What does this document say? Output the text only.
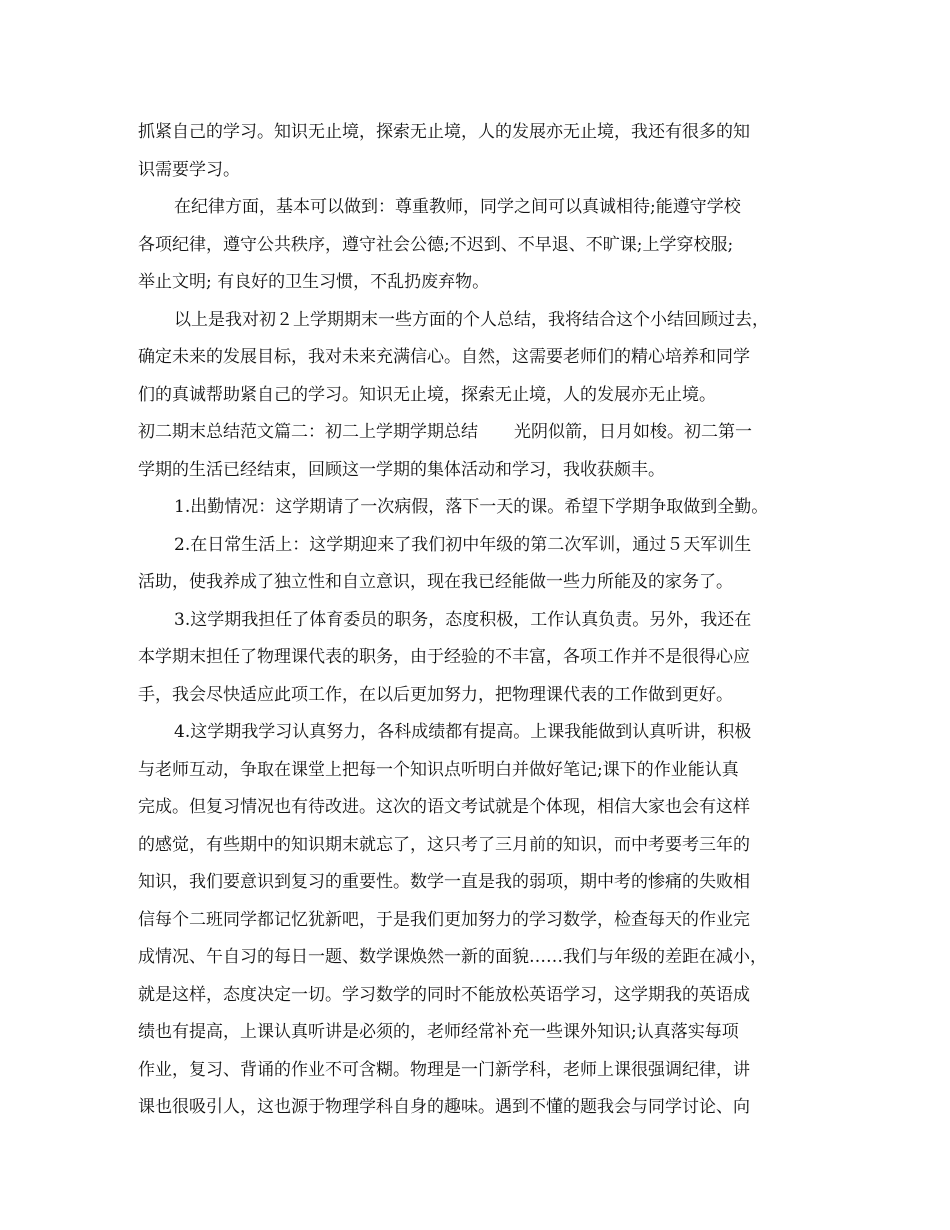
抓紧自己的学习。知识无止境，探索无止境，人的发展亦无止境，我还有很多的知
识需要学习。
在纪律方面，基本可以做到：尊重教师，同学之间可以真诚相待;能遵守学校
各项纪律，遵守公共秩序，遵守社会公德;不迟到、不早退、不旷课;上学穿校服;
举止文明; 有良好的卫生习惯，不乱扔废弃物。
以上是我对初２上学期期末一些方面的个人总结，我将结合这个小结回顾过去，
确定未来的发展目标，我对未来充满信心。自然，这需要老师们的精心培养和同学
们的真诚帮助紧自己的学习。知识无止境，探索无止境，人的发展亦无止境。
初二期末总结范文篇二：初二上学期学期总结 光阴似箭，日月如梭。初二第一
学期的生活已经结束，回顾这一学期的集体活动和学习，我收获颇丰。
1.出勤情况：这学期请了一次病假，落下一天的课。希望下学期争取做到全勤。
2.在日常生活上：这学期迎来了我们初中年级的第二次军训，通过５天军训生
活助，使我养成了独立性和自立意识，现在我已经能做一些力所能及的家务了。
3.这学期我担任了体育委员的职务，态度积极，工作认真负责。另外，我还在
本学期末担任了物理课代表的职务，由于经验的不丰富，各项工作并不是很得心应
手，我会尽快适应此项工作，在以后更加努力，把物理课代表的工作做到更好。
4.这学期我学习认真努力，各科成绩都有提高。上课我能做到认真听讲，积极
与老师互动，争取在课堂上把每一个知识点听明白并做好笔记;课下的作业能认真
完成。但复习情况也有待改进。这次的语文考试就是个体现，相信大家也会有这样
的感觉，有些期中的知识期末就忘了，这只考了三月前的知识，而中考要考三年的
知识，我们要意识到复习的重要性。数学一直是我的弱项，期中考的惨痛的失败相
信每个二班同学都记忆犹新吧，于是我们更加努力的学习数学，检查每天的作业完
成情况、午自习的每日一题、数学课焕然一新的面貌……我们与年级的差距在减小，
就是这样，态度决定一切。学习数学的同时不能放松英语学习，这学期我的英语成
绩也有提高，上课认真听讲是必须的，老师经常补充一些课外知识;认真落实每项
作业，复习、背诵的作业不可含糊。物理是一门新学科，老师上课很强调纪律，讲
课也很吸引人，这也源于物理学科自身的趣味。遇到不懂的题我会与同学讨论、向
